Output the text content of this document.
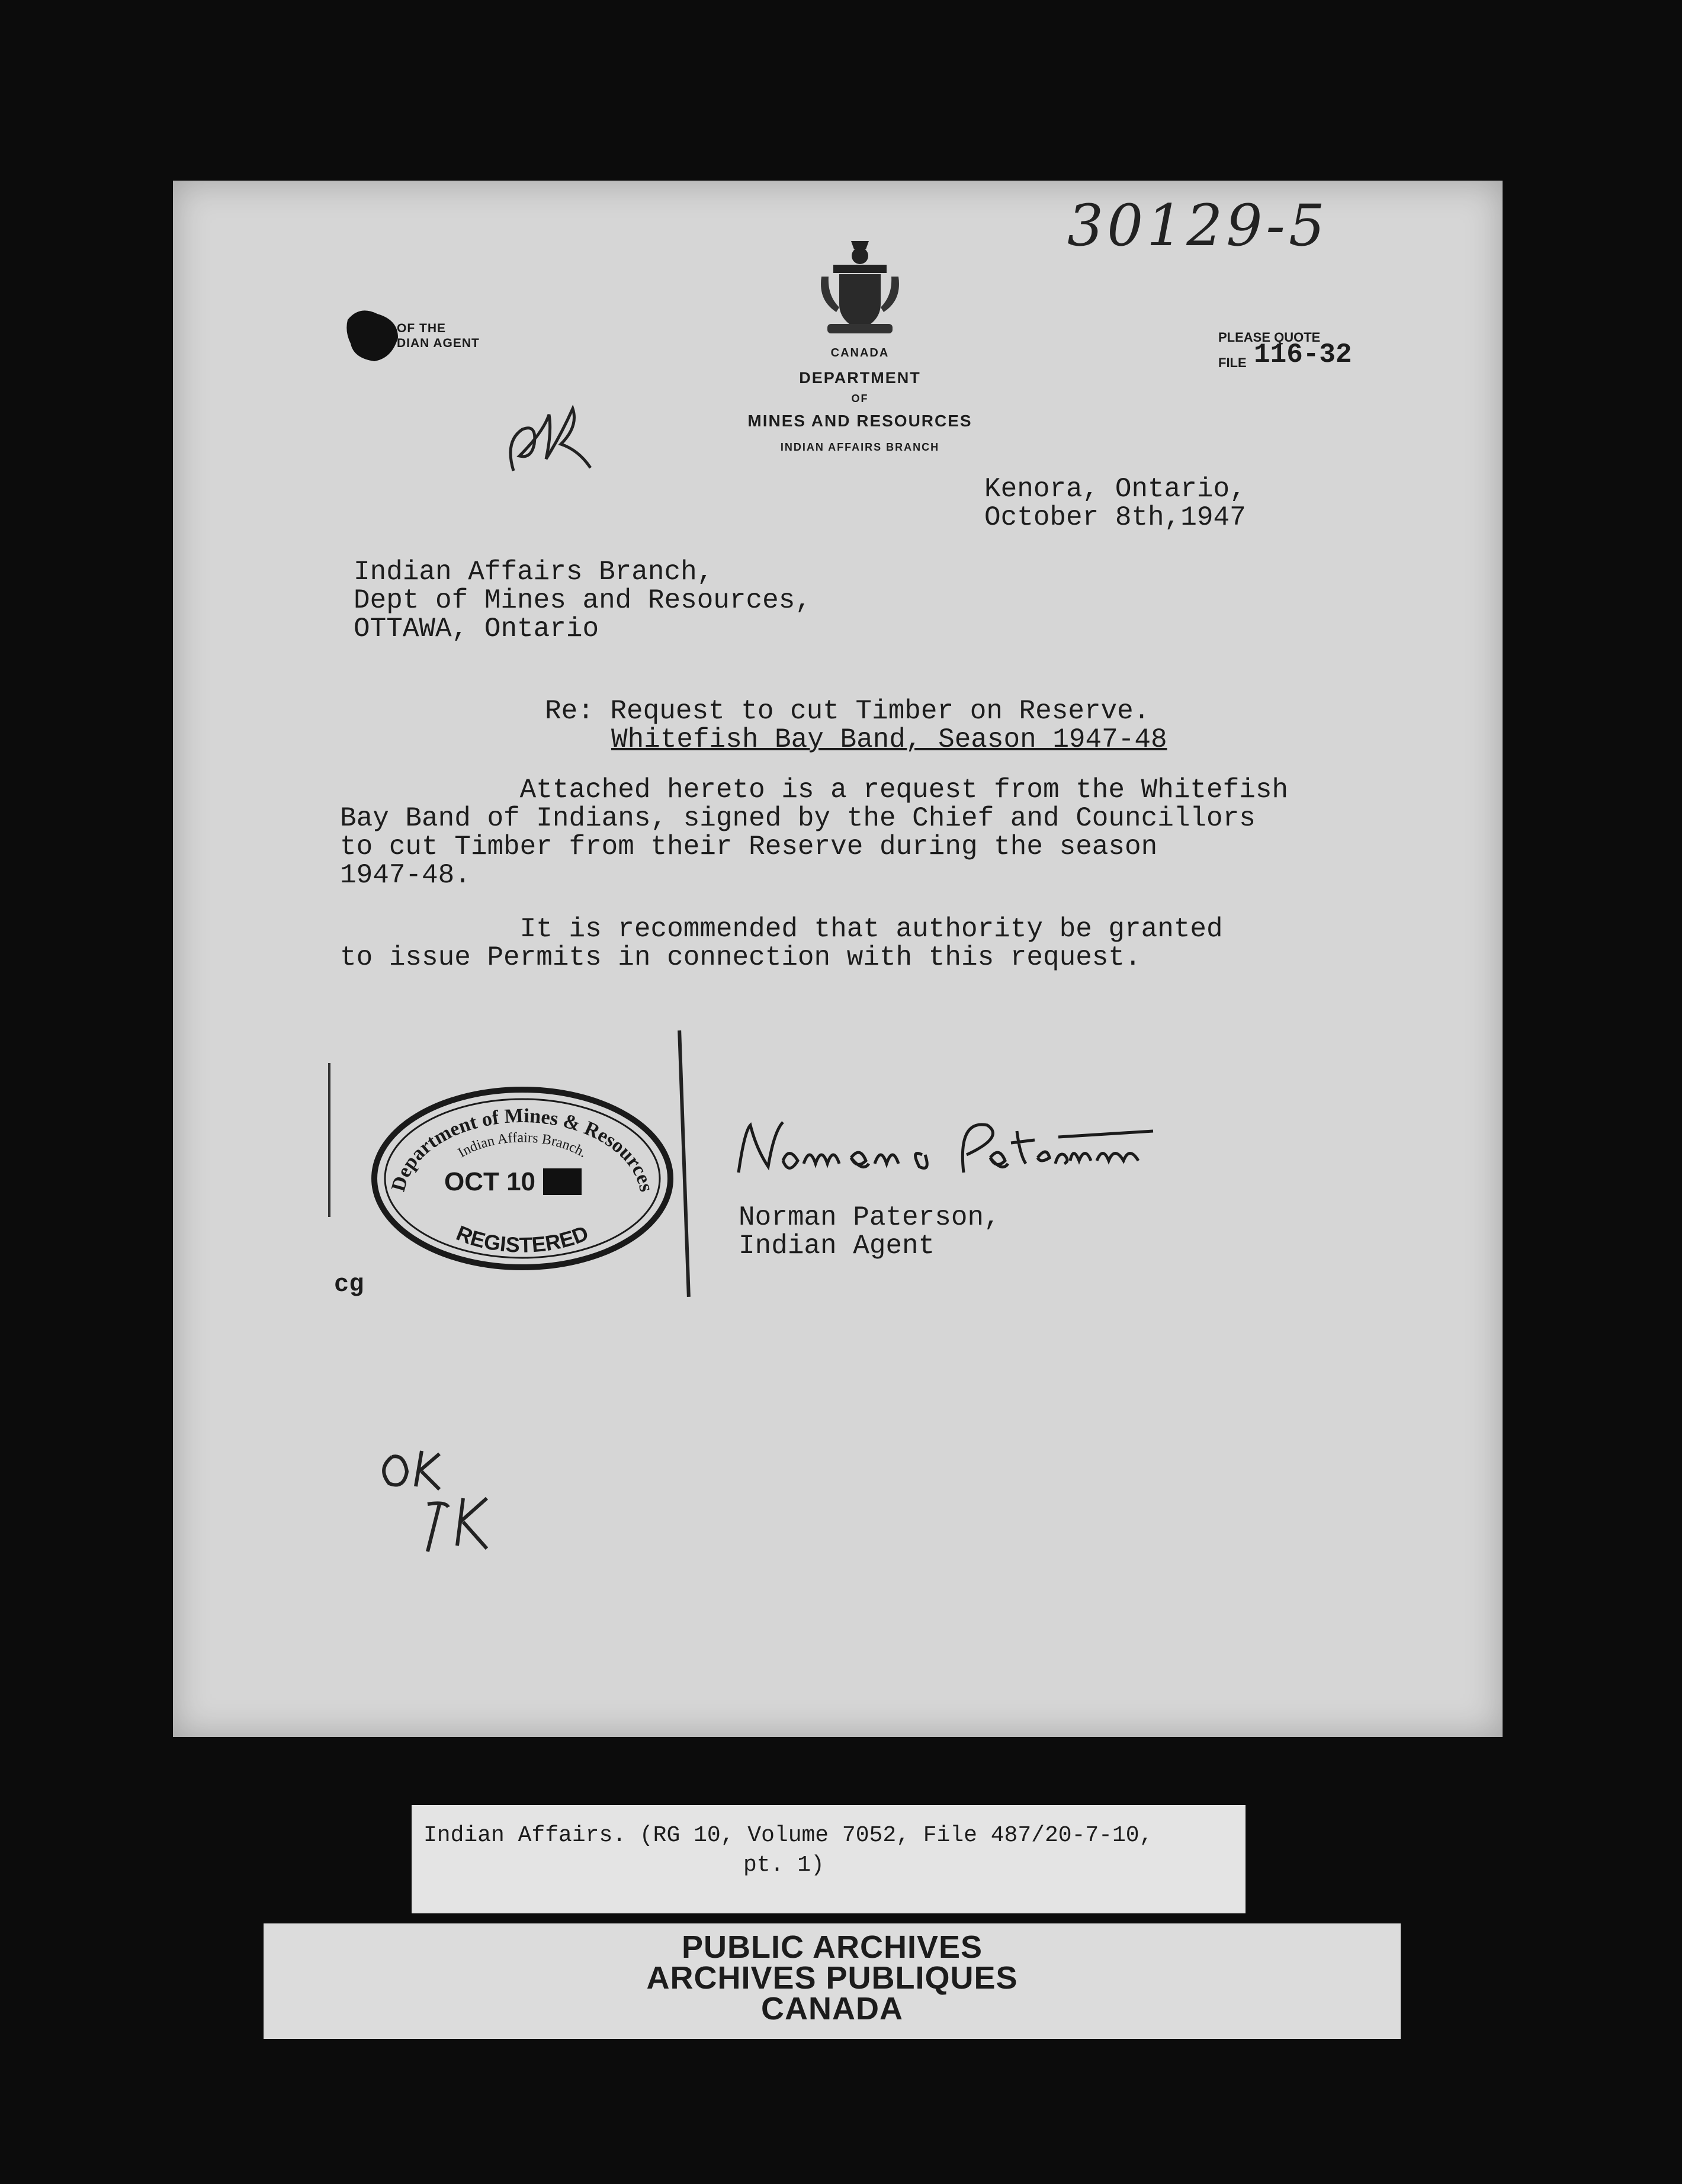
30129-5
OF THE
DIAN AGENT
CANADA
DEPARTMENT
OF
MINES AND RESOURCES
INDIAN AFFAIRS BRANCH
PLEASE QUOTE
FILE 116-32
Kenora, Ontario,
October 8th,1947
Indian Affairs Branch,
Dept of Mines and Resources,
OTTAWA, Ontario
Re: Request to cut Timber on Reserve.
Whitefish Bay Band, Season 1947-48
Attached hereto is a request from the Whitefish
Bay Band of Indians, signed by the Chief and Councillors
to cut Timber from their Reserve during the season
1947-48.
It is recommended that authority be granted
to issue Permits in connection with this request.
Department of Mines & Resources
Indian Affairs Branch.
OCT 10
REGISTERED
Norman Paterson,
Indian Agent
cg
Indian Affairs. (RG 10, Volume 7052, File 487/20-7-10,
pt. 1)
PUBLIC ARCHIVES
ARCHIVES PUBLIQUES
CANADA
